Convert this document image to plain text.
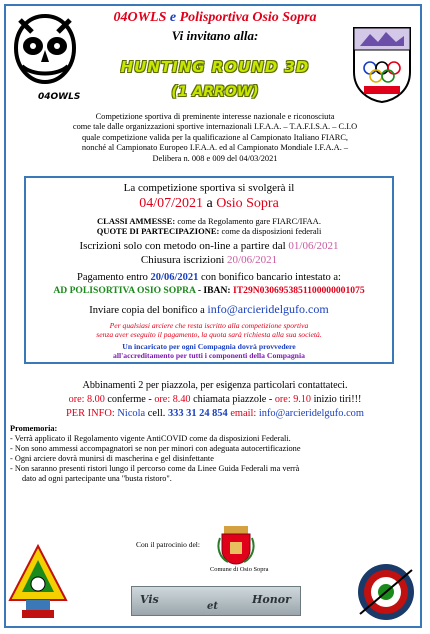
04OWLS
04OWLS e Polisportiva Osio Sopra
Vi invitano alla:
HUNTING ROUND 3D
(1 ARROW)
Competizione sportiva di preminente interesse nazionale e riconosciuta
come tale dalle organizzazioni sportive internazionali I.F.A.A. – T.A.F.I.S.A. – C.I.O
quale competizione valida per la qualificazione al Campionato Italiano FIARC,
nonché al Campionato Europeo I.F.A.A. ed al Campionato Mondiale I.F.A.A. –
Delibera n. 008 e 009 del 04/03/2021
La competizione sportiva si svolgerà il
04/07/2021 a Osio Sopra
CLASSI AMMESSE: come da Regolamento gare FIARC/IFAA.
QUOTE DI PARTECIPAZIONE: come da disposizioni federali
Iscrizioni solo con metodo on-line a partire dal 01/06/2021
Chiusura iscrizioni 20/06/2021
Pagamento entro 20/06/2021 con bonifico bancario intestato a:
AD POLISORTIVA OSIO SOPRA - IBAN: IT29N0306953851100000001075
Inviare copia del bonifico a info@arcieridelgufo.com
Per qualsiasi arciere che resta iscritto alla competizione sportiva
senza aver eseguito il pagamento, la quota sarà richiesta alla sua società.
Un incaricato per ogni Compagnia dovrà provvedere
all'accreditamento per tutti i componenti della Compagnia
Abbinamenti 2 per piazzola, per esigenza particolari contattateci.
ore: 8.00 conferme - ore: 8.40 chiamata piazzole - ore: 9.10 inizio tiri!!!
PER INFO: Nicola cell. 333 31 24 854 email: info@arcieridelgufo.com
Promemoria:
- Verrà applicato il Regolamento vigente AntiCOVID come da disposizioni Federali.
- Non sono ammessi accompagnatori se non per minori con adeguata autocertificazione
- Ogni arciere dovrà munirsi di mascherina e gel disinfettante
- Non saranno presenti ristori lungo il percorso come da Linee Guida Federali ma verrà
dato ad ogni partecipante una "busta ristoro".
Con il patrocinio del:
Comune di Osio Sopra
Vis
et
Honor
